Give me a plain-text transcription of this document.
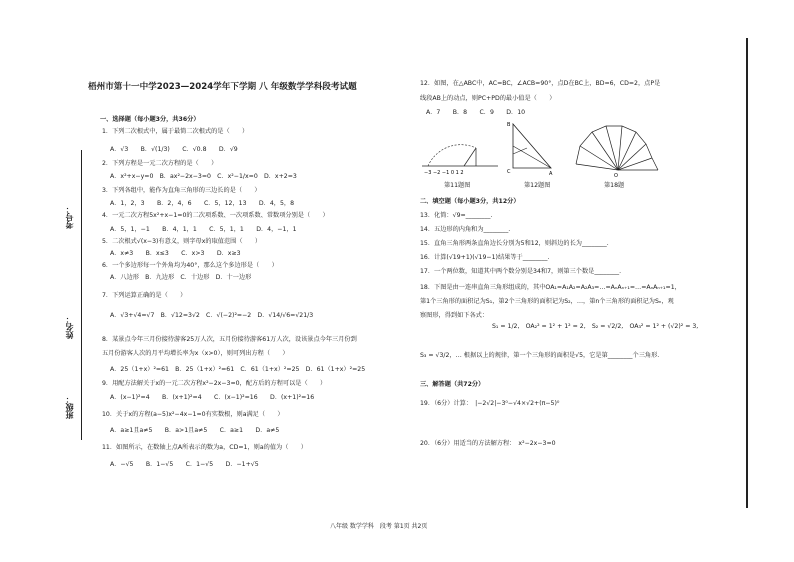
梧州市第十一中学2023—2024学年下学期 八 年级数学学科段考试题
考号：
姓名：
班级：
一、选择题（每小题3分，共36分）
1．下列二次根式中，属于最简二次根式的是（　　）
A．√3　　B．√(1/3)　　C．√0.8　　D．√9
2．下列方程是一元二次方程的是（　　）
A．x²+x−y=0　B．ax²−2x−3=0　C．x²−1/x=0　D．x+2=3
3．下列各组中，能作为直角三角形的三边长的是（　　）
A．1，2，3　　B．2，4，6　　C．5，12，13　　D．4，5，8
4．一元二次方程5x²+x−1=0的二次项系数、一次项系数、常数项分别是（　　）
A．5，1，−1　　B．4，1，1　　C．5，1，1　　D．4，−1，1
5．二次根式√(x−3)有意义，则字母x的取值范围（　　）
A．x≠3　　B．x≤3　　C．x>3　　D．x≥3
6．一个多边形每一个外角均为40°，那么这个多边形是（　　）
A．八边形　B．九边形　C．十边形　D．十一边形
7．下列运算正确的是（　　）
A．√3+√4=√7　B．√12=3√2　C．√(−2)²=−2　D．√14/√6=√21/3
8．某景点今年三月份接待游客25万人次，五月份接待游客61万人次，设该景点今年三月份到
五月份游客人次的月平均增长率为x（x>0），则可列出方程（　　）
A．25（1+x）²=61　B．25（1+x）²=61　C．61（1+x）²=25　D．61（1+x）²=25
9．用配方法解关于x的一元二次方程x²−2x−3=0，配方后的方程可以是（　　）
A．(x−1)²=4　　B．(x+1)²=4　　C．(x−1)²=16　　D．(x+1)²=16
10．关于x的方程(a−5)x²−4x−1=0有实数根，则a满足（　　）
A．a≥1且a≠5　　B．a>1且a≠5　　C．a≥1　　D．a≠5
11．如图所示，在数轴上点A所表示的数为a，CD=1，则a的值为（　　）
A．−√5　　B．1−√5　　C．1−√5　　D．−1+√5
12．如图，在△ABC中，AC=BC，∠ACB=90°，点D在BC上，BD=6，CD=2，点P是
线段AB上的动点，则PC+PD的最小值是（　　）
A．7　　B．8　　C．9　　D．10
−3 −2 −1 0 1 2
第11题图
B
C	A
第12题图
O
第18题
二、填空题（每小题3分，共12分）
13．化简：√9=________.
14．五边形的内角和为________.
15．直角三角形两条直角边长分别为5和12，则斜边的长为________.
16．计算(√19+1)(√19−1)结果等于________.
17．一个两位数，知道其中两个数分别是34和7，则第三个数是________.
18．下图是由一连串直角三角形组成的，其中OA₁=A₁A₂=A₂A₃=…=AₙAₙ₊₁=…=AₙAₙ₊₁=1，
第1个三角形的面积记为S₁，第2个三角形的面积记为S₂，…，第n个三角形的面积记为Sₙ，观
察图形，得到如下各式：
S₁ = 1/2,　OA₂² = 1² + 1² = 2,　S₂ = √2/2,　OA₃² = 1² + (√2)² = 3,
S₃ = √3/2，… 根据以上的规律，第一个三角形的面积是√5，它是第________个三角形.
三、解答题（共72分）
19．（6分）计算：　|−2√2|−3⁰−√4×√2+(π−5)⁰
20．（6分）用适当的方法解方程：　x²−2x−3=0
八年级 数学学科　段考 第1页 共2页
